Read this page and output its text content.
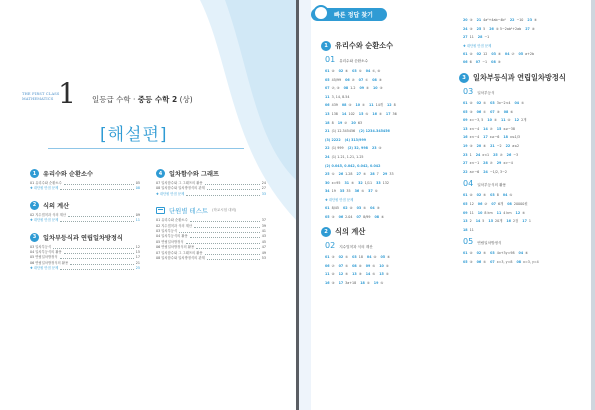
THE FIRST CLASS
MATHEMATICS 1 일등급 수학 · 중등 수학 2 (상)
[해설편]
1	유리수와 순환소수
01 유리수와 순환소수	05
✚ 대단원 만점 문제	08
2	식의 계산
02 지수법칙과 식의 계산	09
✚ 대단원 만점 문제	11
3	일차부등식과 연립일차방정식
03 일차부등식	12
04 일차부등식의 활용	15
05 연립일차방정식	17
06 연립일차방정식의 활용	21
✚ 대단원 만점 문제	25
4	일차함수와 그래프
07 일차함수와 그 그래프의 활용	24
08 일차함수와 일차방정식의 관계	27
✚ 대단원 만점 문제	33
단원별 테스트 (학교시험 대비)
01 유리수와 순환소수	37
02 지수법칙과 식의 계산	39
03 일차부등식	41
04 일차부등식의 활용	43
05 연립일차방정식	45
06 연립일차방정식의 활용	47
07 일차함수와 그 그래프의 활용	49
08 일차함수와 일차방정식의 관계	53
빠른 정답 찾기
1 유리수와 순환소수
01 유리수와 순환소수
01 ④ 02 ④ 03 ⑤ 04 ①, ④
05 45/99 06 ② 07 ① 08 ③
07 ②, ③ 08 1.2 09 ⑤ 10 ③
11 3, 14, 8.54
06 439 08 ③ 10 ② 11 14개 12 8
13 138 14 102 15 ⑤ 16 ⑤ 17 36
18 8 19 ② 20 63
21 (1) 12.345456 (2) 1234.345456
(3) 2222 (4) 313/999
22 (1) 999 (2) 32, 998 23 ③
24 (1) 1.21, 1.21, 1.25
(2) 0.045, 0.042, 0.042, 0.042
25 ⑤ 26 1.28 27 ③ 28 7 29 33
30 x=95 31 ③ 32 1/11 33 132
34 19 35 35 36 ⑤ 37 ⑤
✚ 대단원 만점 문제
01 8/45 02 ④ 03 ⑤ 04 ③
05 ③ 06 2.04 07 8/99 08 ④
2 식의 계산
02 지수법칙과 식의 계산
01 ③ 02 ⑤ 03 18 04 ④ 05 ④
06 ② 07 ⑤ 08 ④ 09 ⑤ 10 ⑤
11 ④ 12 ③ 13 ③ 14 ⑤ 15 ⑤
16 ③ 17 3a+18 18 ⑤ 19 ⑤
20 ③ 21 4a²+4ab−4b² 22 −10 23 ③
24 ③ 25 5 26 ⑤ 5−2ab²+2ab 27 ④
27 11 28 −1
✚ 대단원 만점 문제
01 ④ 02 12 03 ④ 04 ② 05 a+2b
06 6 07 −1 08 ③
3 일차부등식과 연립일차방정식
03 일차부등식
01 ④ 02 ⑤ 03 3x−2<4 04 ⑤
05 ③ 06 ① 07 ③ 08 ④
09 x=−3, 5 10 ⑤ 11 ④ 12 2개
13 x<−4 14 ② 15 x≥−38
16 x<−4 17 x≥−6 18 x≤1/3
19 ③ 20 ④ 21 −2 22 a≤2
23 1 24 x<1 25 ② 26 −3
27 x<−1 28 ② 29 x>−4
22 a>−6 24 −1/2, 3−2
04 일차부등식의 활용
01 ④ 02 ③ 03 8 04 ⑤
05 12 06 ② 07 6개 08 20000원
09 11 10 8 km 11 4 km 12 ③
13 2 14 5 15 20개 16 2점 17 1
18 11
05 연립일차방정식
01 ④ 02 ③ 03 4x+3y=98 04 ④
05 ③ 06 ⑤ 07 x=3, y=8 08 x=3, y=4
